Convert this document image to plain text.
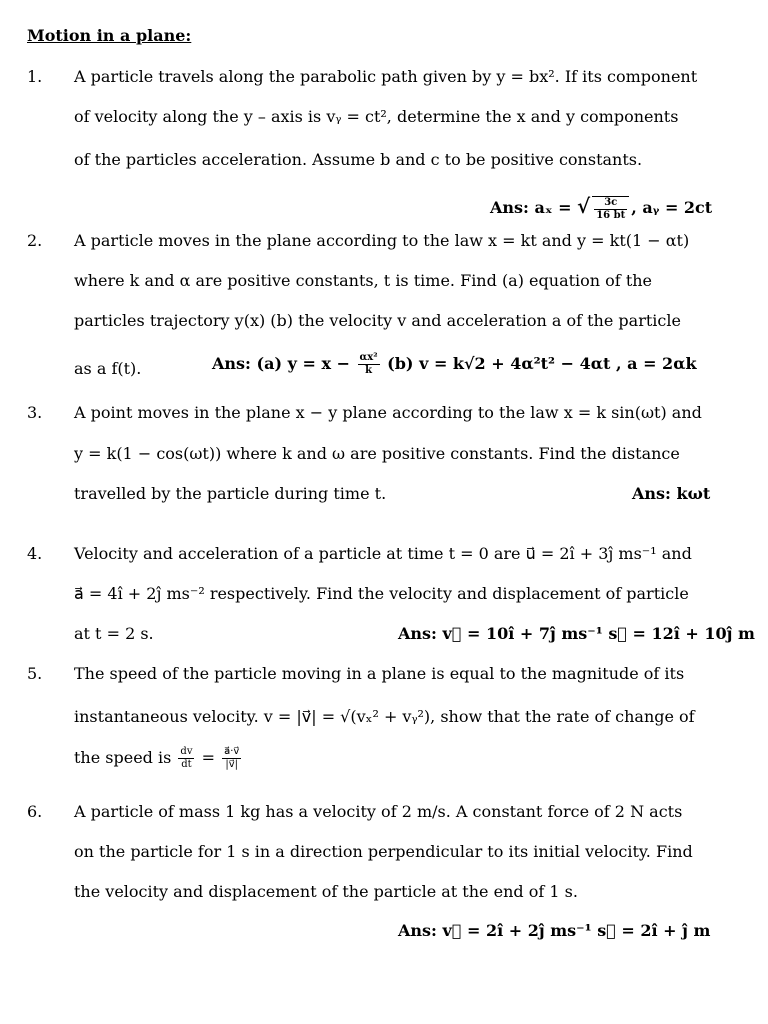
Motion in a plane:
1. A particle travels along the parabolic path given by y = bx². If its component
of velocity along the y – axis is vᵧ = ct², determine the x and y components
of the particles acceleration. Assume b and c to be positive constants.
Ans: aₓ = √ $\frac{3c}{16 bt}$ , aᵧ = 2ct
2. A particle moves in the plane according to the law x = kt and y = kt(1 − αt)
where k and α are positive constants, t is time. Find (a) equation of the
particles trajectory y(x) (b) the velocity v and acceleration a of the particle
as a f(t).	Ans: (a) $y = x - \frac{\text{αx²}}{k} (b) v = k√2 + 4\alpha^2t^2 - 4\alpha t$ , a = 2αk
3. A point moves in the plane x − y plane according to the law x = k sin(ωt) and
y = k(1 − cos(ωt)) where k and ω are positive constants. Find the distance
travelled by the particle during time t.	Ans: kωt
4. Velocity and acceleration of a particle at time t = 0 are u⃗ = 2î + 3ĵ ms⁻¹ and
a⃗ = 4î + 2ĵ ms⁻² respectively. Find the velocity and displacement of particle
at t = 2 s.	Ans: v⃗ = 10î + 7ĵ ms⁻¹ s⃗ = 12î + 10ĵ m
5. The speed of the particle moving in a plane is equal to the magnitude of its
instantaneous velocity. v = |v⃗| = √(vₓ² + vᵧ²), show that the rate of change of
the speed is $\frac{dv}{dt} = \frac{a⃗\cdot v⃗}{|v⃗|}$
6. A particle of mass 1 kg has a velocity of 2 m/s. A constant force of 2 N acts
on the particle for 1 s in a direction perpendicular to its initial velocity. Find
the velocity and displacement of the particle at the end of 1 s.
Ans: v⃗ = 2î + 2ĵ ms⁻¹ s⃗ = 2î + ĵ m
